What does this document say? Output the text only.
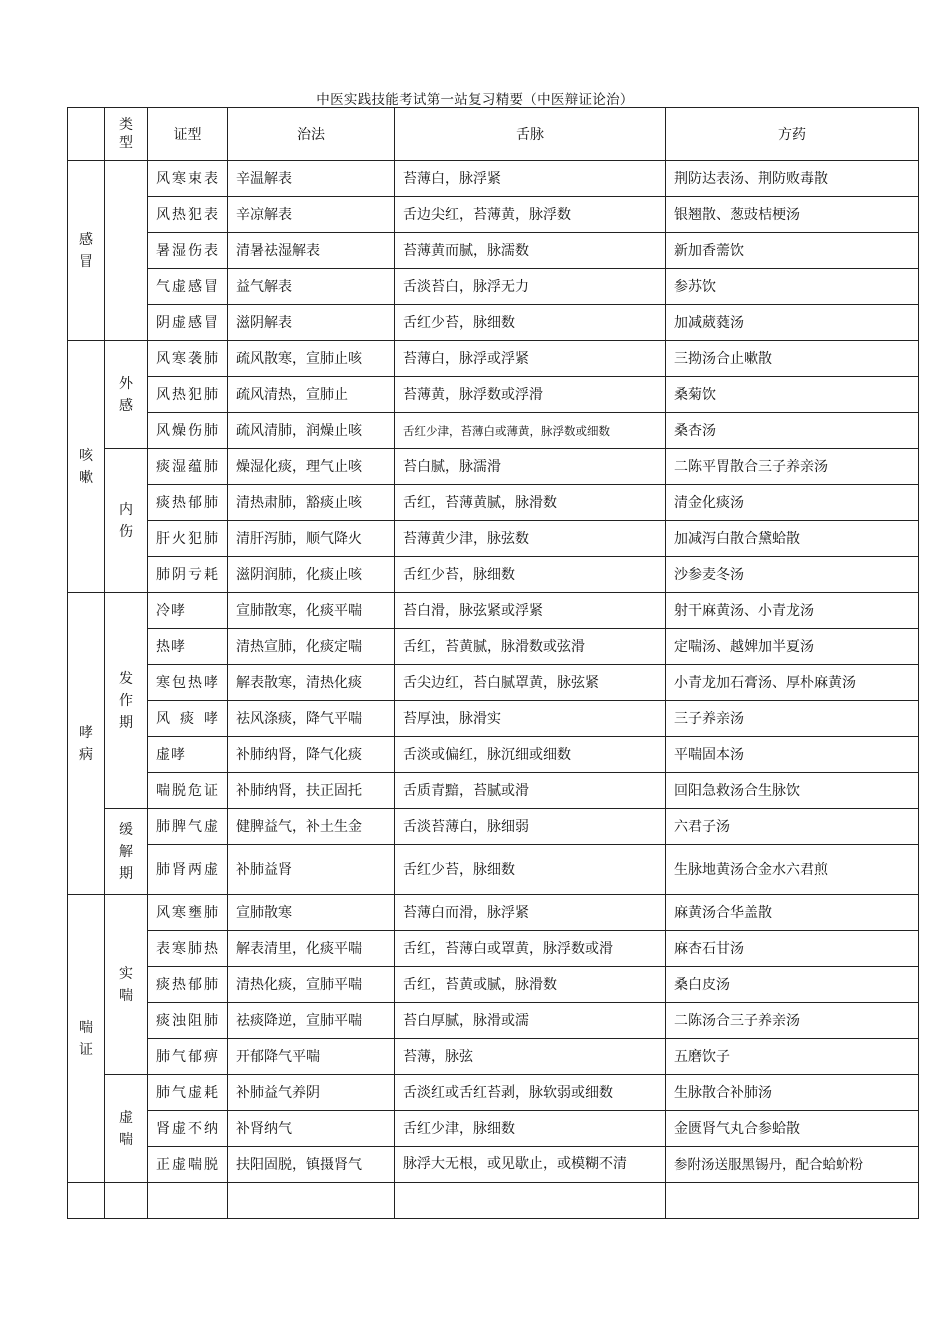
中医实践技能考试第一站复习精要（中医辩证论治）
	类型	证型	治法	舌脉	方药
感冒		风寒束表	辛温解表	苔薄白，脉浮紧	荆防达表汤、荆防败毒散
		风热犯表	辛凉解表	舌边尖红，苔薄黄，脉浮数	银翘散、葱豉桔梗汤
		暑湿伤表	清暑祛湿解表	苔薄黄而腻，脉濡数	新加香薷饮
		气虚感冒	益气解表	舌淡苔白，脉浮无力	参苏饮
		阴虚感冒	滋阴解表	舌红少苔，脉细数	加减葳蕤汤
咳嗽	外感	风寒袭肺	疏风散寒，宣肺止咳	苔薄白，脉浮或浮紧	三拗汤合止嗽散
		风热犯肺	疏风清热，宣肺止	苔薄黄，脉浮数或浮滑	桑菊饮
		风燥伤肺	疏风清肺，润燥止咳	舌红少津，苔薄白或薄黄，脉浮数或细数	桑杏汤
	内伤	痰湿蕴肺	燥湿化痰，理气止咳	苔白腻，脉濡滑	二陈平胃散合三子养亲汤
		痰热郁肺	清热肃肺，豁痰止咳	舌红，苔薄黄腻，脉滑数	清金化痰汤
		肝火犯肺	清肝泻肺，顺气降火	苔薄黄少津，脉弦数	加减泻白散合黛蛤散
		肺阴亏耗	滋阴润肺，化痰止咳	舌红少苔，脉细数	沙参麦冬汤
哮病	发作期	冷哮	宣肺散寒，化痰平喘	苔白滑，脉弦紧或浮紧	射干麻黄汤、小青龙汤
		热哮	清热宣肺，化痰定喘	舌红，苔黄腻，脉滑数或弦滑	定喘汤、越婢加半夏汤
		寒包热哮	解表散寒，清热化痰	舌尖边红，苔白腻罩黄，脉弦紧	小青龙加石膏汤、厚朴麻黄汤
		风痰哮	祛风涤痰，降气平喘	苔厚浊，脉滑实	三子养亲汤
		虚哮	补肺纳肾，降气化痰	舌淡或偏红，脉沉细或细数	平喘固本汤
		喘脱危证	补肺纳肾，扶正固托	舌质青黯，苔腻或滑	回阳急救汤合生脉饮
	缓解期	肺脾气虚	健脾益气，补土生金	舌淡苔薄白，脉细弱	六君子汤
		肺肾两虚	补肺益肾	舌红少苔，脉细数	生脉地黄汤合金水六君煎
喘证	实喘	风寒壅肺	宣肺散寒	苔薄白而滑，脉浮紧	麻黄汤合华盖散
		表寒肺热	解表清里，化痰平喘	舌红，苔薄白或罩黄，脉浮数或滑	麻杏石甘汤
		痰热郁肺	清热化痰，宣肺平喘	舌红，苔黄或腻，脉滑数	桑白皮汤
		痰浊阻肺	祛痰降逆，宣肺平喘	苔白厚腻，脉滑或濡	二陈汤合三子养亲汤
		肺气郁痹	开郁降气平喘	苔薄，脉弦	五磨饮子
	虚喘	肺气虚耗	补肺益气养阴	舌淡红或舌红苔剥，脉软弱或细数	生脉散合补肺汤
		肾虚不纳	补肾纳气	舌红少津，脉细数	金匮肾气丸合参蛤散
		正虚喘脱	扶阳固脱，镇摄肾气	脉浮大无根，或见歇止，或模糊不清	参附汤送服黑锡丹，配合蛤蚧粉
